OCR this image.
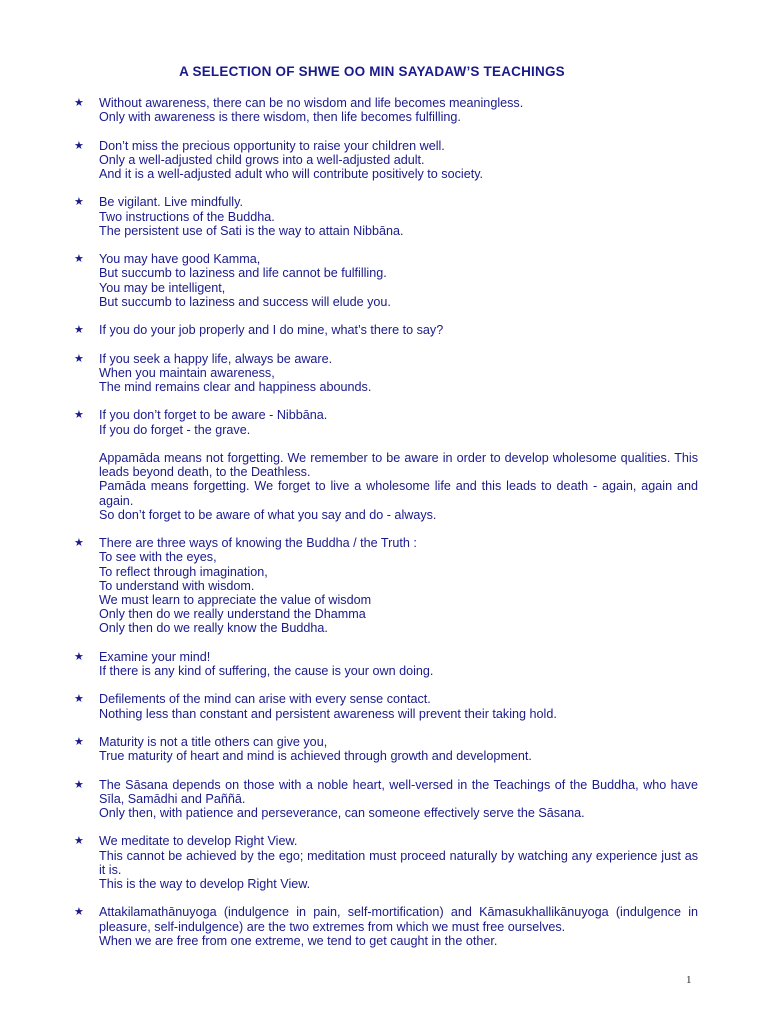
A SELECTION OF SHWE OO MIN SAYADAW’S TEACHINGS
★ Without awareness, there can be no wisdom and life becomes meaningless.
Only with awareness is there wisdom, then life becomes fulfilling.
★ Don’t miss the precious opportunity to raise your children well.
Only a well-adjusted child grows into a well-adjusted adult.
And it is a well-adjusted adult who will contribute positively to society.
★ Be vigilant. Live mindfully.
Two instructions of the Buddha.
The persistent use of Sati is the way to attain Nibbāna.
★ You may have good Kamma,
But succumb to laziness and life cannot be fulfilling.
You may be intelligent,
But succumb to laziness and success will elude you.
★ If you do your job properly and I do mine, what’s there to say?
★ If you seek a happy life, always be aware.
When you maintain awareness,
The mind remains clear and happiness abounds.
★ If you don’t forget to be aware - Nibbāna.
If you do forget - the grave.
Appamāda means not forgetting. We remember to be aware in order to develop wholesome qualities. This leads beyond death, to the Deathless.
Pamāda means forgetting. We forget to live a wholesome life and this leads to death - again, again and again.
So don’t forget to be aware of what you say and do - always.
★ There are three ways of knowing the Buddha / the Truth :
To see with the eyes,
To reflect through imagination,
To understand with wisdom.
We must learn to appreciate the value of wisdom
Only then do we really understand the Dhamma
Only then do we really know the Buddha.
★ Examine your mind!
If there is any kind of suffering, the cause is your own doing.
★ Defilements of the mind can arise with every sense contact.
Nothing less than constant and persistent awareness will prevent their taking hold.
★ Maturity is not a title others can give you,
True maturity of heart and mind is achieved through growth and development.
★ The Sāsana depends on those with a noble heart, well-versed in the Teachings of the Buddha, who have Sīla, Samādhi and Paññā.
Only then, with patience and perseverance, can someone effectively serve the Sāsana.
★ We meditate to develop Right View.
This cannot be achieved by the ego; meditation must proceed naturally by watching any experience just as it is.
This is the way to develop Right View.
★ Attakilamathānuyoga (indulgence in pain, self-mortification) and Kāmasukhallikānuyoga (indulgence in pleasure, self-indulgence) are the two extremes from which we must free ourselves.
When we are free from one extreme, we tend to get caught in the other.
1
